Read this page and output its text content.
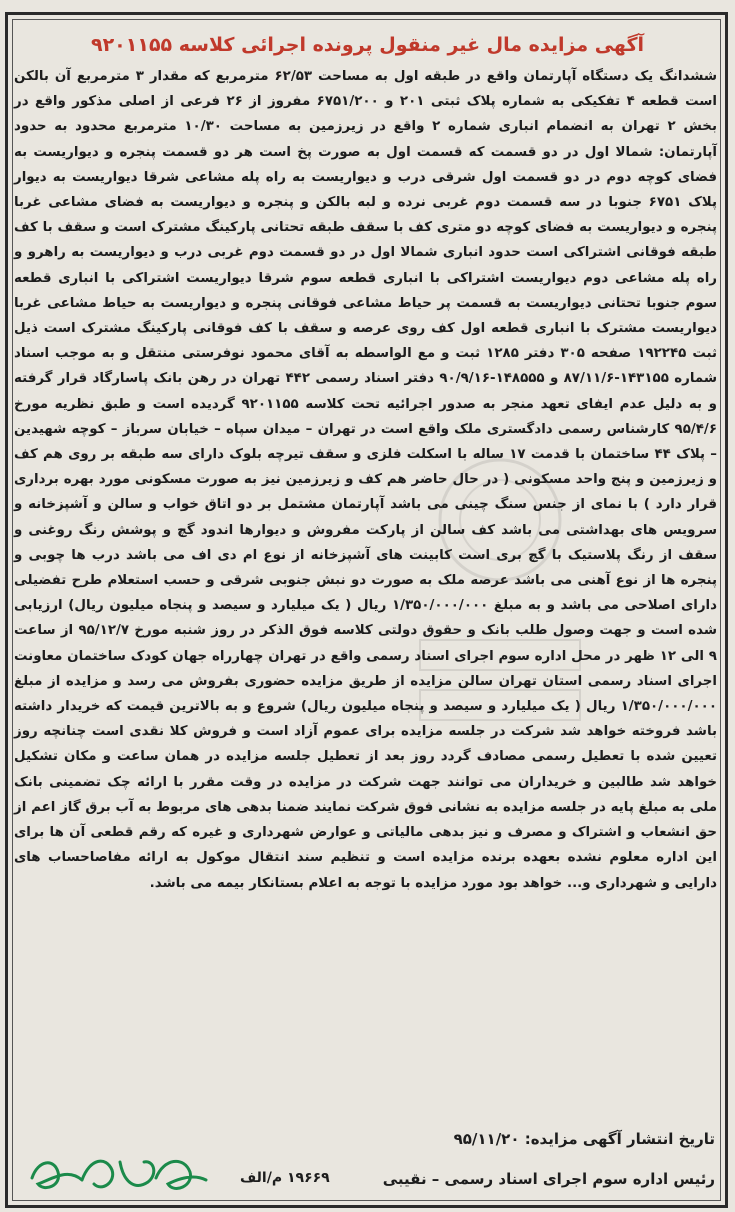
آگهی مزایده مال غیر منقول پرونده اجرائی کلاسه ۹۲۰۱۱۵۵
ششدانگ یک دستگاه آپارتمان واقع در طبقه اول به مساحت ۶۲/۵۳ مترمربع که مقدار ۳ مترمربع آن بالکن است قطعه ۴ تفکیکی به شماره پلاک ثبتی ۲۰۱ و ۶۷۵۱/۲۰۰ مفروز از ۲۶ فرعی از اصلی مذکور واقع در بخش ۲ تهران به انضمام انباری شماره ۲ واقع در زیرزمین به مساحت ۱۰/۳۰ مترمربع محدود به حدود آپارتمان: شمالا اول در دو قسمت که قسمت اول به صورت پخ است هر دو قسمت پنجره و دیواریست به فضای کوچه دوم در دو قسمت اول شرقی درب و دیواریست به راه پله مشاعی شرقا دیواریست به دیوار پلاک ۶۷۵۱ جنوبا در سه قسمت دوم غربی نرده و لبه بالکن و پنجره و دیواریست به فضای مشاعی غربا پنجره و دیواریست به فضای کوچه دو متری کف با سقف طبقه تحتانی پارکینگ مشترک است و سقف با کف طبقه فوقانی اشتراکی است حدود انباری شمالا اول در دو قسمت دوم غربی درب و دیواریست به راهرو و راه پله مشاعی دوم دیواریست اشتراکی با انباری قطعه سوم شرقا دیواریست اشتراکی با انباری قطعه سوم جنوبا تحتانی دیواریست به قسمت پر حیاط مشاعی فوقانی پنجره و دیواریست به حیاط مشاعی غربا دیواریست مشترک با انباری قطعه اول کف روی عرصه و سقف با کف فوقانی پارکینگ مشترک است ذیل ثبت ۱۹۲۲۴۵ صفحه ۳۰۵ دفتر ۱۲۸۵ ثبت و مع الواسطه به آقای محمود نوفرستی منتقل و به موجب اسناد شماره ۱۴۳۱۵۵-۸۷/۱۱/۶ و ۱۴۸۵۵۵-۹۰/۹/۱۶ دفتر اسناد رسمی ۴۴۲ تهران در رهن بانک پاسارگاد قرار گرفته و به دلیل عدم ایفای تعهد منجر به صدور اجرائیه تحت کلاسه ۹۲۰۱۱۵۵ گردیده است و طبق نظریه مورخ ۹۵/۴/۶ کارشناس رسمی دادگستری ملک واقع است در تهران – میدان سپاه – خیابان سرباز – کوچه شهیدین – پلاک ۴۴ ساختمان با قدمت ۱۷ ساله با اسکلت فلزی و سقف تیرچه بلوک دارای سه طبقه بر روی هم کف و زیرزمین و پنج واحد مسکونی ( در حال حاضر هم کف و زیرزمین نیز به صورت مسکونی مورد بهره برداری قرار دارد ) با نمای از جنس سنگ چینی می باشد آپارتمان مشتمل بر دو اتاق خواب و سالن و آشپزخانه و سرویس های بهداشتی می باشد کف سالن از پارکت مفروش و دیوارها اندود گچ و پوشش رنگ روغنی و سقف از رنگ پلاستیک با گچ بری است کابینت های آشپزخانه از نوع ام دی اف می باشد درب ها چوبی و پنجره ها از نوع آهنی می باشد عرصه ملک به صورت دو نبش جنوبی شرقی و حسب استعلام طرح تفضیلی دارای اصلاحی می باشد و به مبلغ ۱/۳۵۰/۰۰۰/۰۰۰ ریال ( یک میلیارد و سیصد و پنجاه میلیون ریال) ارزیابی شده است و جهت وصول طلب بانک و حقوق دولتی کلاسه فوق الذکر در روز شنبه مورخ ۹۵/۱۲/۷ از ساعت ۹ الی ۱۲ ظهر در محل اداره سوم اجرای اسناد رسمی واقع در تهران چهارراه جهان کودک ساختمان معاونت اجرای اسناد رسمی استان تهران سالن مزایده از طریق مزایده حضوری بفروش می رسد و مزایده از مبلغ ۱/۳۵۰/۰۰۰/۰۰۰ ریال ( یک میلیارد و سیصد و پنجاه میلیون ریال) شروع و به بالاترین قیمت که خریدار داشته باشد فروخته خواهد شد شرکت در جلسه مزایده برای عموم آزاد است و فروش کلا نقدی است چنانچه روز تعیین شده با تعطیل رسمی مصادف گردد روز بعد از تعطیل جلسه مزایده در همان ساعت و مکان تشکیل خواهد شد طالبین و خریداران می توانند جهت شرکت در مزایده در وقت مقرر با ارائه چک تضمینی بانک ملی به مبلغ پایه در جلسه مزایده به نشانی فوق شرکت نمایند ضمنا بدهی های مربوط به آب برق گاز اعم از حق انشعاب و اشتراک و مصرف و نیز بدهی مالیاتی و عوارض شهرداری و غیره که رقم قطعی آن ها برای این اداره معلوم نشده بعهده برنده مزایده است و تنظیم سند انتقال موکول به ارائه مفاصاحساب های دارایی و شهرداری و... خواهد بود مورد مزایده با توجه به اعلام بستانکار بیمه می باشد.
تاریخ انتشار آگهی مزایده: ۹۵/۱۱/۲۰
۱۹۶۶۹ م/الف	رئیس اداره سوم اجرای اسناد رسمی – نقیبی
